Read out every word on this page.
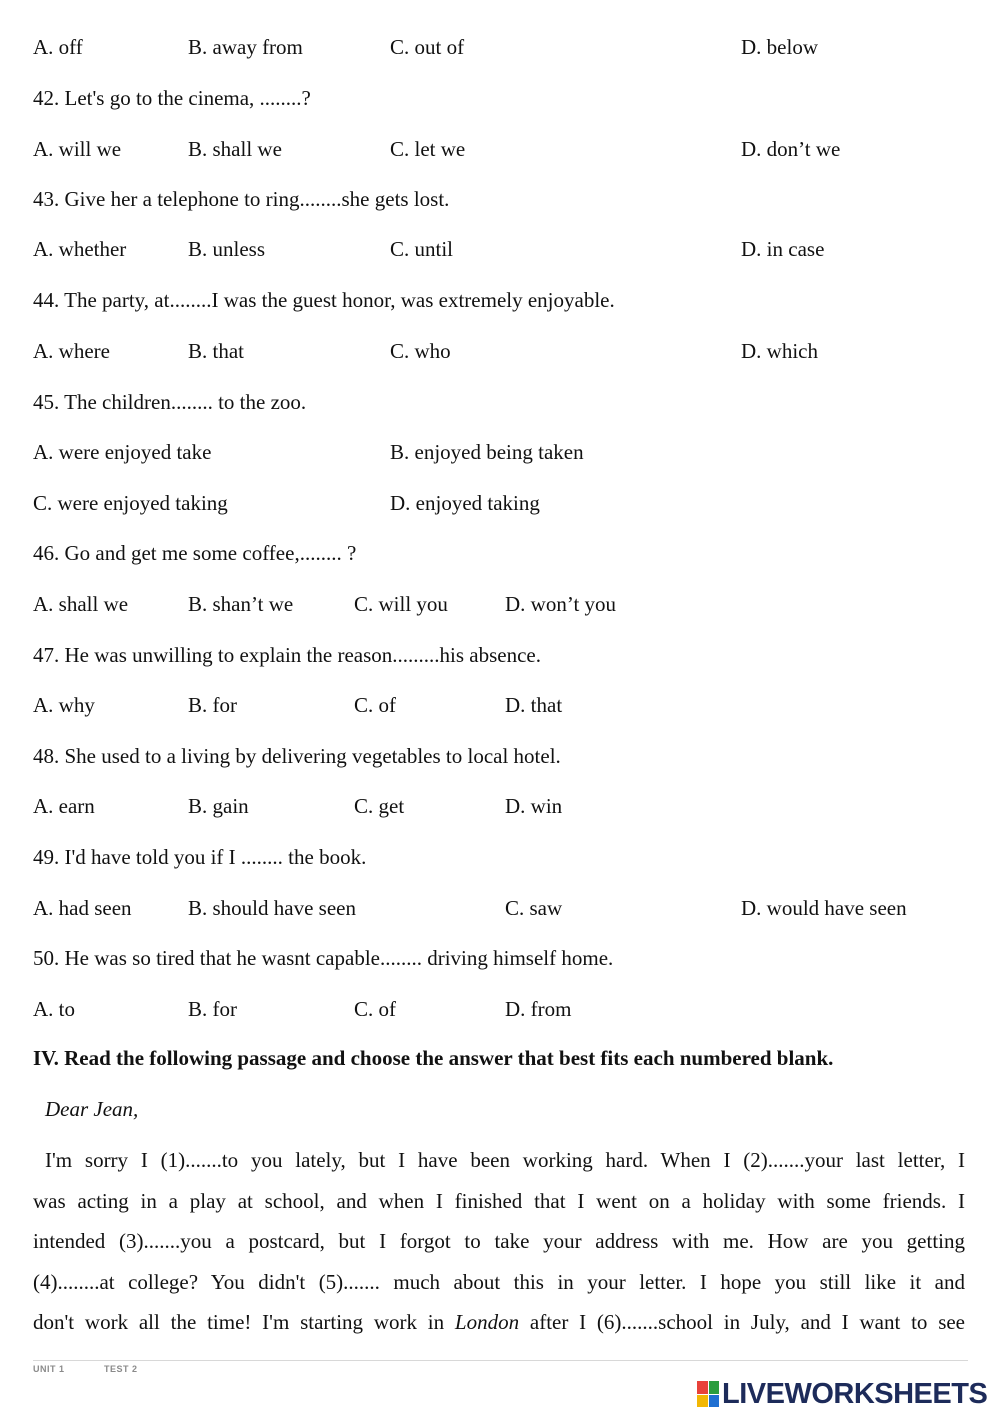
A. off	B. away from	C. out of	D. below
42. Let's go to the cinema, ........?
A. will we	B. shall we	C. let we	D. don’t we
43. Give her a telephone to ring........she gets lost.
A. whether	B. unless	C. until	D. in case
44. The party, at........I was the guest honor, was extremely enjoyable.
A. where	B. that	C. who	D. which
45. The children........ to the zoo.
A. were enjoyed take	B. enjoyed being taken
C. were enjoyed taking	D. enjoyed taking
46. Go and get me some coffee,........ ?
A. shall we	B. shan’t we	C. will you	D. won’t you
47. He was unwilling to explain the reason.........his absence.
A. why	B. for	C. of	D. that
48. She used to a living by delivering vegetables to local hotel.
A. earn	B. gain	C. get	D. win
49. I'd have told you if I ........ the book.
A. had seen	B. should have seen	C. saw	D. would have seen
50. He was so tired that he wasnt capable........ driving himself home.
A. to	B. for	C. of	D. from
IV. Read the following passage and choose the answer that best fits each numbered blank.
Dear Jean,
I'm sorry I (1).......to you lately, but I have been working hard. When I (2).......your last letter, I
was acting in a play at school, and when I finished that I went on a holiday with some friends. I
intended (3).......you a postcard, but I forgot to take your address with me. How are you getting
(4)........at college? You didn't (5)....... much about this in your letter. I hope you still like it and
don't work all the time! I'm starting work in London after I (6).......school in July, and I want to see
UNIT 1	TEST 2
LIVEWORKSHEETS
